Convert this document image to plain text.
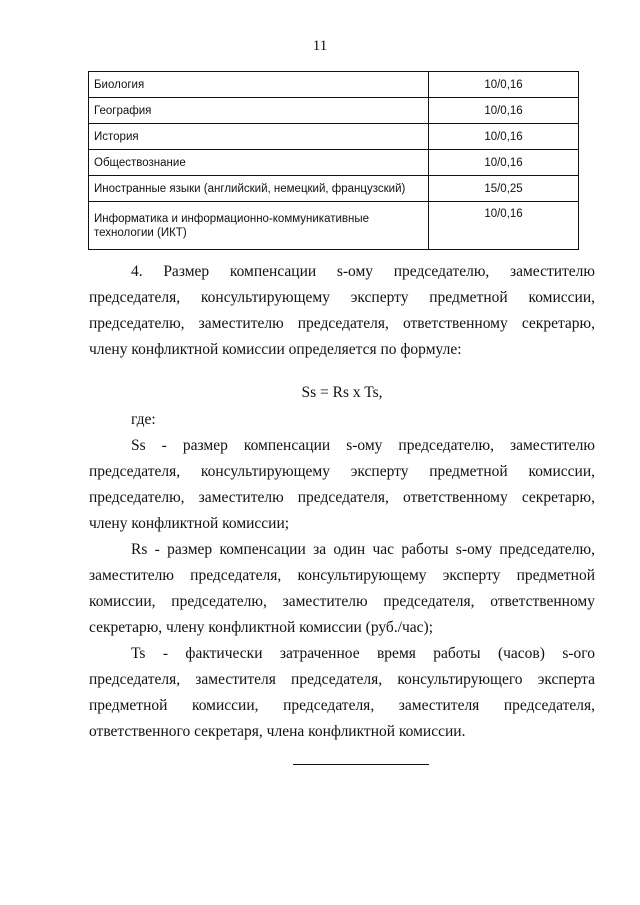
11
Биология	10/0,16
География	10/0,16
История	10/0,16
Обществознание	10/0,16
Иностранные языки (английский, немецкий, французский)	15/0,25
Информатика и информационно-коммуникативные технологии (ИКТ)	10/0,16

4. Размер компенсации s-ому председателю, заместителю председателя, консультирующему эксперту предметной комиссии, председателю, заместителю председателя, ответственному секретарю, члену конфликтной комиссии определяется по формуле:

Ss = Rs x Ts,

где:

Ss - размер компенсации s-ому председателю, заместителю председателя, консультирующему эксперту предметной комиссии, председателю, заместителю председателя, ответственному секретарю, члену конфликтной комиссии;

Rs - размер компенсации за один час работы s-ому председателю, заместителю председателя, консультирующему эксперту предметной комиссии, председателю, заместителю председателя, ответственному секретарю, члену конфликтной комиссии (руб./час);

Ts - фактически затраченное время работы (часов) s-ого председателя, заместителя председателя, консультирующего эксперта предметной комиссии, председателя, заместителя председателя, ответственного секретаря, члена конфликтной комиссии.
